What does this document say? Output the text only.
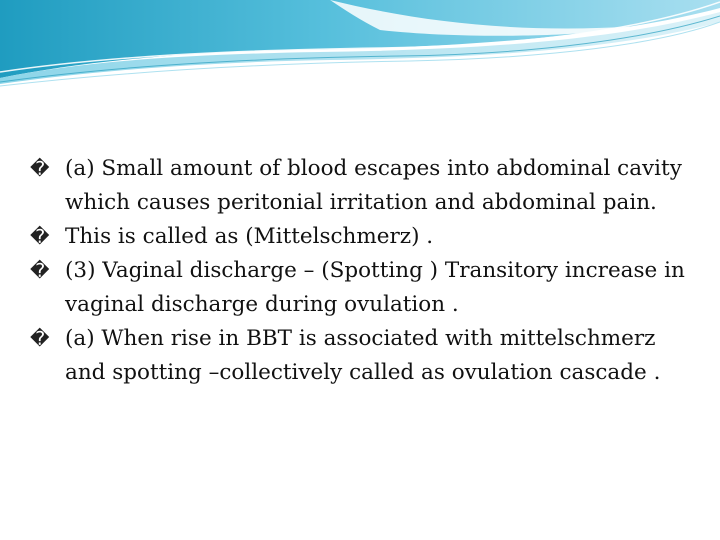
� (a) Small amount of blood escapes into abdominal cavity which causes peritonial irritation and abdominal pain.

� This is called as (Mittelschmerz) .

� (3) Vaginal discharge – (Spotting ) Transitory increase in vaginal discharge during ovulation .

� (a) When rise in BBT is associated with mittelschmerz and spotting –collectively called as ovulation cascade .
